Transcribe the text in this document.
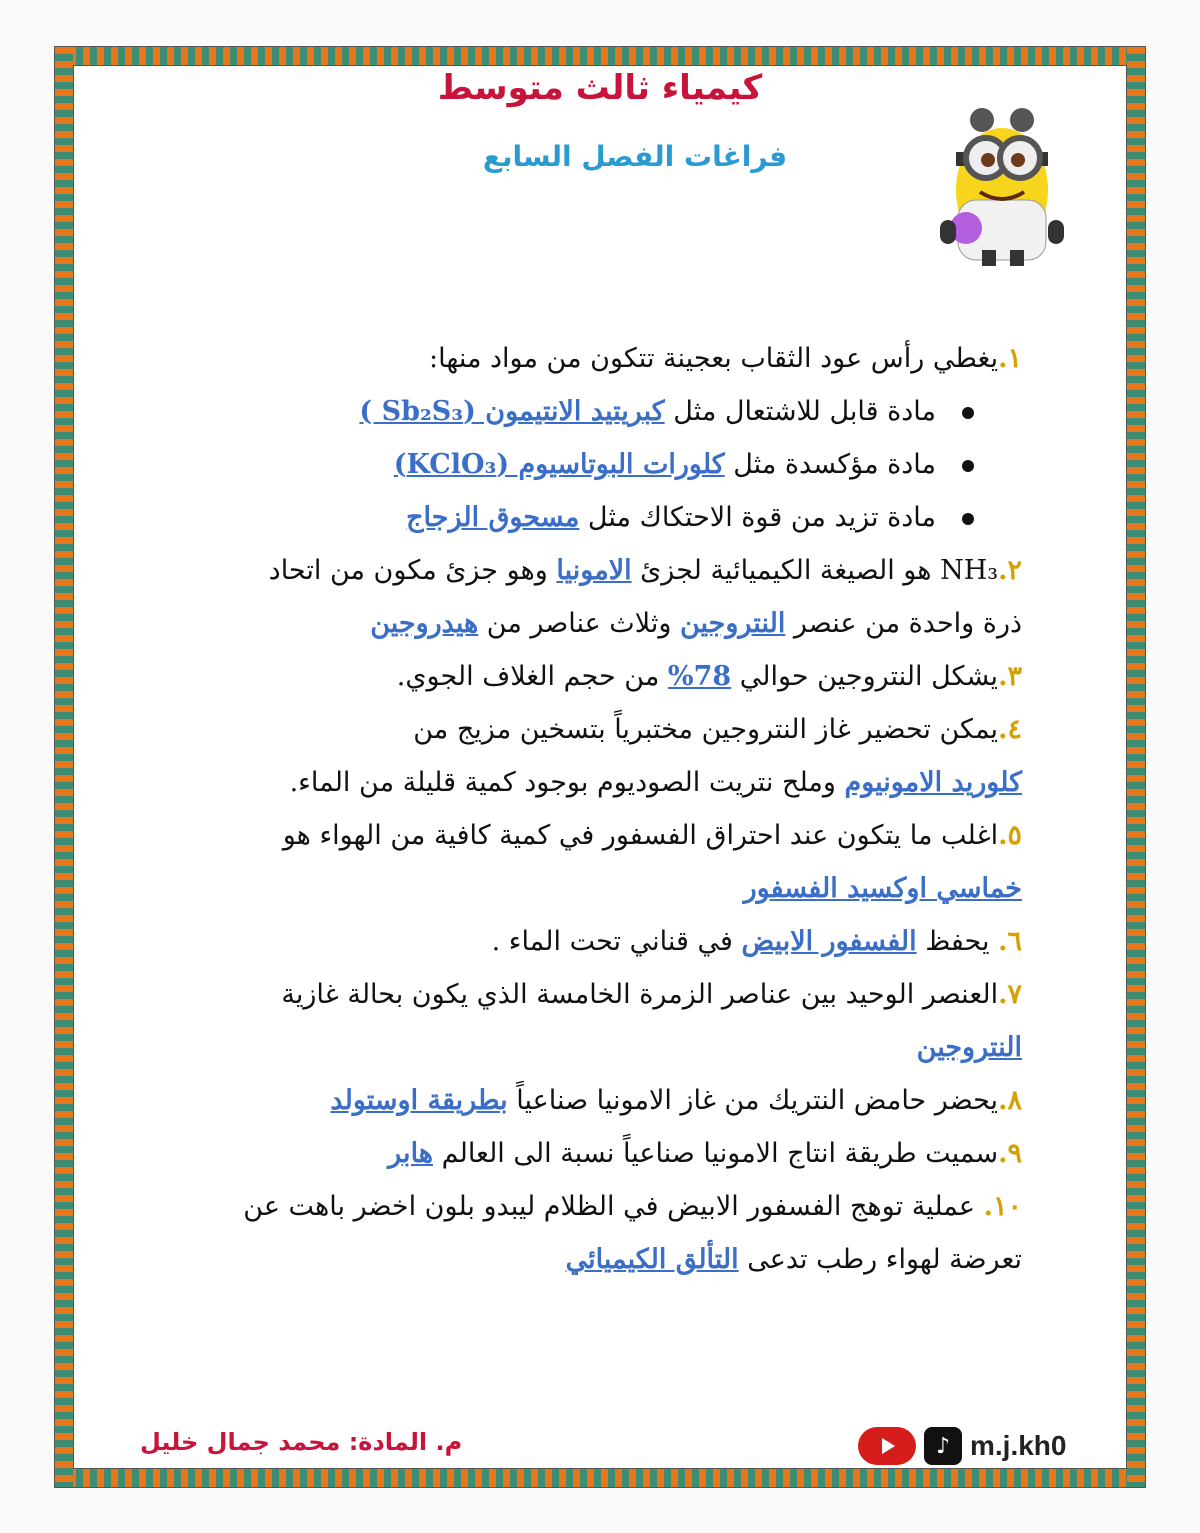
كيمياء ثالث متوسط
فراغات الفصل السابع
١.يغطي رأس عود الثقاب بعجينة تتكون من مواد منها:
مادة قابل للاشتعال مثل كبريتيد الانتيمون (Sb₂S₃ )
مادة مؤكسدة مثل كلورات البوتاسيوم (KClO₃)
مادة تزيد من قوة الاحتكاك مثل مسحوق الزجاج
٢.NH₃ هو الصيغة الكيميائية لجزئ الامونيا وهو جزئ مكون من اتحاد
ذرة واحدة من عنصر النتروجين وثلاث عناصر من هيدروجين
٣.يشكل النتروجين حوالي 78% من حجم الغلاف الجوي.
٤.يمكن تحضير غاز النتروجين مختبرياً بتسخين مزيج من
كلوريد الامونيوم وملح نتريت الصوديوم بوجود كمية قليلة من الماء.
٥.اغلب ما يتكون عند احتراق الفسفور في كمية كافية من الهواء هو
خماسي اوكسيد الفسفور
٦. يحفظ الفسفور الابيض في قناني تحت الماء .
٧.العنصر الوحيد بين عناصر الزمرة الخامسة الذي يكون بحالة غازية
النتروجين
٨.يحضر حامض النتريك من غاز الامونيا صناعياً بطريقة اوستولد
٩.سميت طريقة انتاج الامونيا صناعياً نسبة الى العالم هابر
١٠. عملية توهج الفسفور الابيض في الظلام ليبدو بلون اخضر باهت عن
تعرضة لهواء رطب تدعى التألق الكيميائي
م. المادة: محمد جمال خليل	♪ m.j.kh0
